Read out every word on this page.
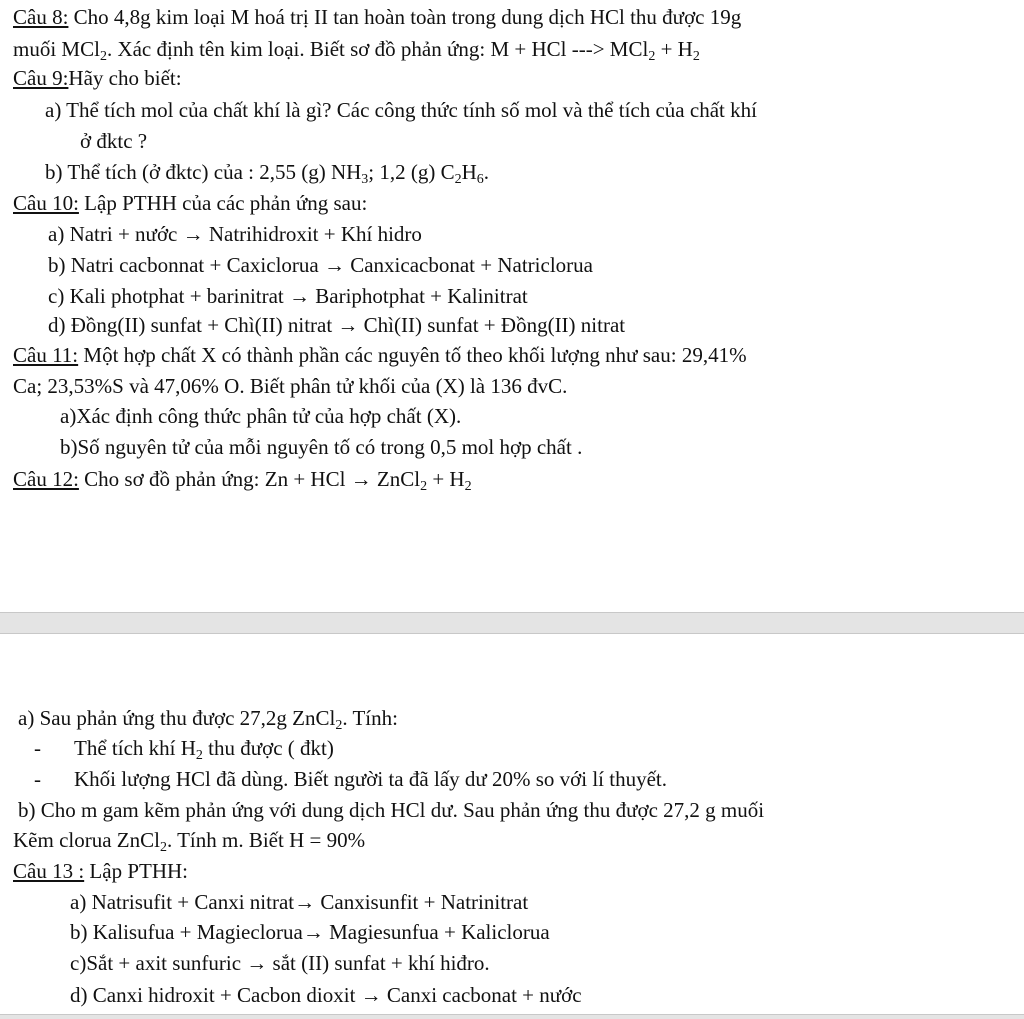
Câu 8: Cho 4,8g kim loại M hoá trị II tan hoàn toàn trong dung dịch HCl thu được 19g
muối MCl$_2$. Xác định tên kim loại. Biết sơ đồ phản ứng: M + HCl ---> $MCl_2 + H_2$
Câu 9:Hãy cho biết:
a) Thể tích mol của chất khí là gì? Các công thức tính số mol và thể tích của chất khí
ở đktc ?
b) Thể tích (ở đktc) của : 2,55 (g) $NH_3$; 1,2 (g) $C_2H_6$.
Câu 10: Lập PTHH của các phản ứng sau:
a) Natri + nước → Natrihidroxit + Khí hidro
b) Natri cacbonnat + Caxiclorua → Canxicacbonat + Natriclorua
c) Kali photphat + barinitrat → Bariphotphat + Kalinitrat
d) Đồng(II) sunfat + Chì(II) nitrat → Chì(II) sunfat + Đồng(II) nitrat
Câu 11: Một hợp chất X có thành phần các nguyên tố theo khối lượng như sau: 29,41%
Ca; 23,53%S và 47,06% O. Biết phân tử khối của (X) là 136 đvC.
a)Xác định công thức phân tử của hợp chất (X).
b)Số nguyên tử của mỗi nguyên tố có trong 0,5 mol hợp chất .
Câu 12: Cho sơ đồ phản ứng: Zn + HCl → ZnCl$_2$ + $H_2$
a) Sau phản ứng thu được 27,2g ZnCl$_2$. Tính:
- Thể tích khí $H_2$ thu được ( đkt)
- Khối lượng HCl đã dùng. Biết người ta đã lấy dư 20% so với lí thuyết.
b) Cho m gam kẽm phản ứng với dung dịch HCl dư. Sau phản ứng thu được 27,2 g muối
Kẽm clorua ZnCl$_2$. Tính m. Biết H = 90%
Câu 13 : Lập PTHH:
a) Natrisufit + Canxi nitrat→ Canxisunfit + Natrinitrat
b) Kalisufua + Magieclorua→ Magiesunfua + Kaliclorua
c)Sắt + axit sunfuric → sắt (II) sunfat + khí hiđro.
d) Canxi hidroxit + Cacbon dioxit → Canxi cacbonat + nước
